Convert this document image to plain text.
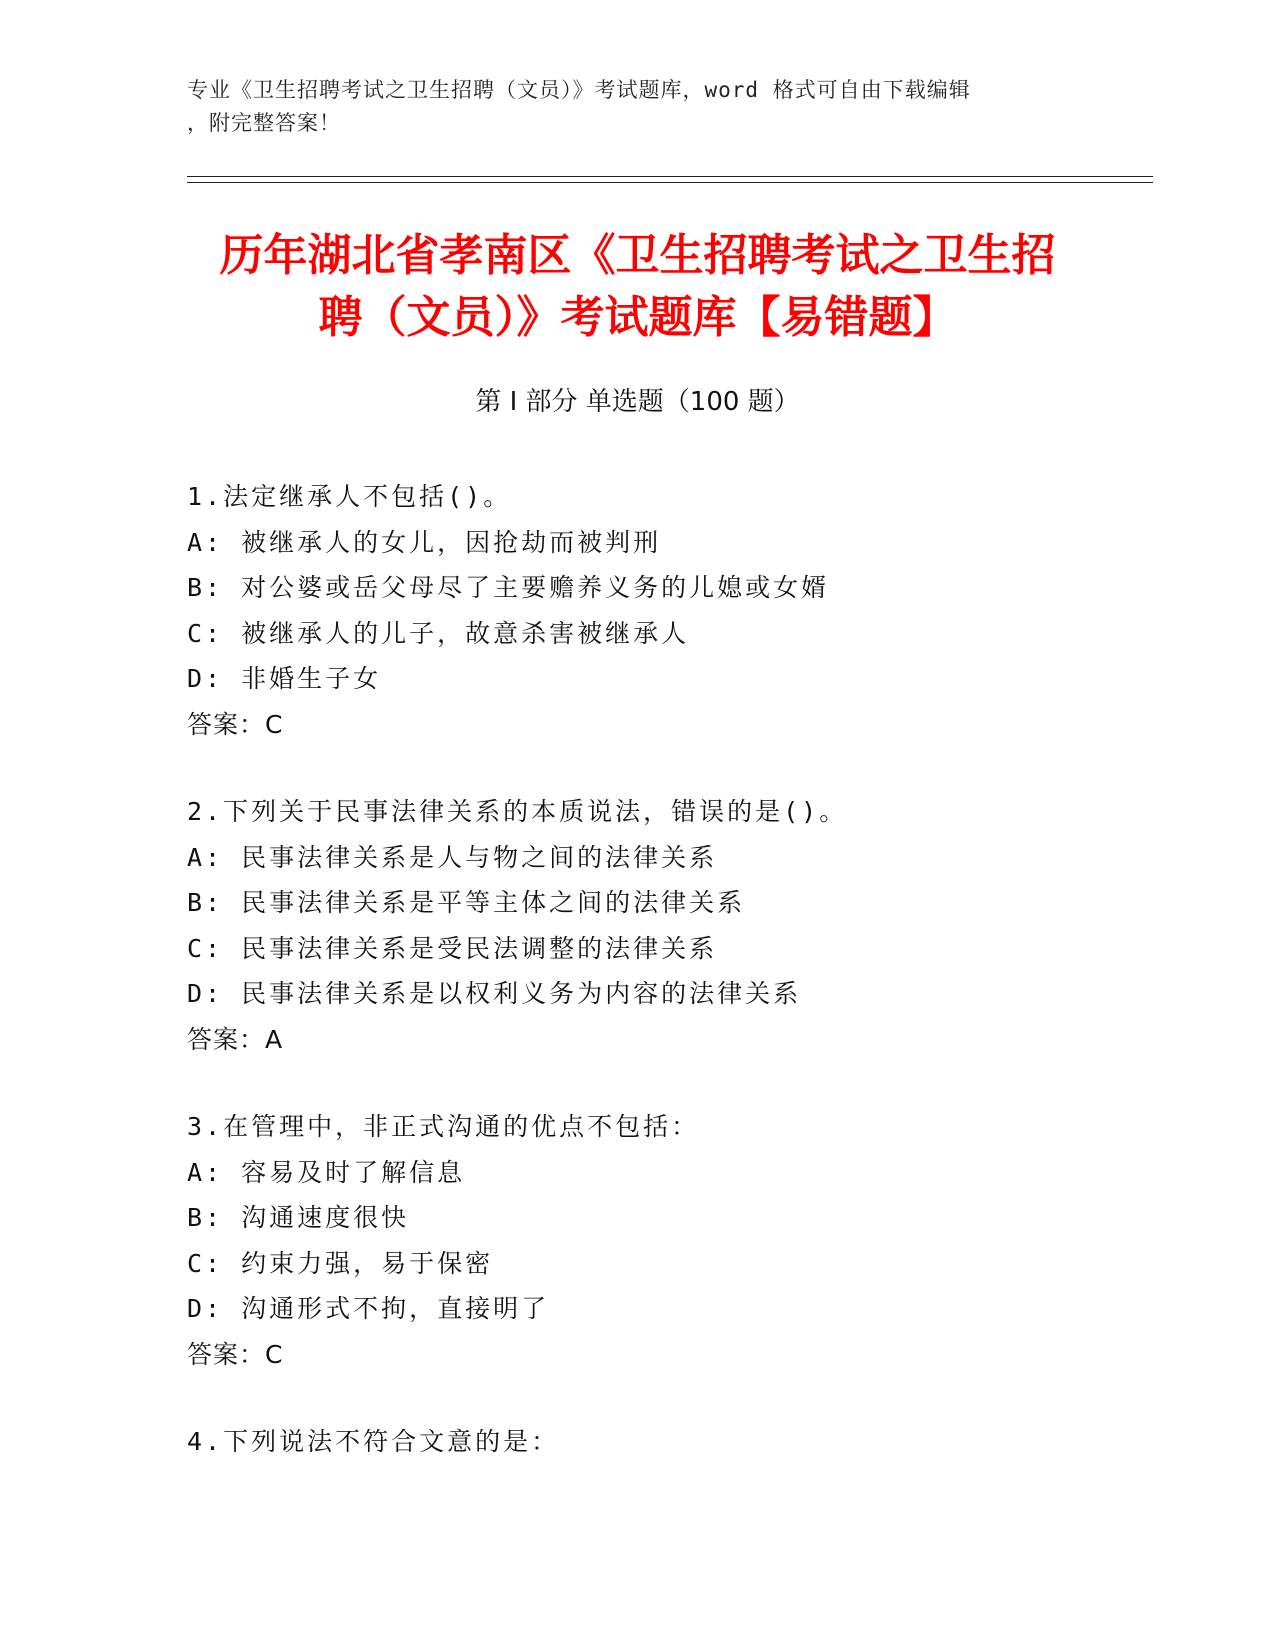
专业《卫生招聘考试之卫生招聘（文员）》考试题库，word 格式可自由下载编辑
，附完整答案！
历年湖北省孝南区《卫生招聘考试之卫生招
聘（文员）》考试题库【易错题】
第 I 部分 单选题（100 题）
1.法定继承人不包括()。
A: 被继承人的女儿，因抢劫而被判刑
B: 对公婆或岳父母尽了主要赡养义务的儿媳或女婿
C: 被继承人的儿子，故意杀害被继承人
D: 非婚生子女
答案：C
2.下列关于民事法律关系的本质说法，错误的是()。
A: 民事法律关系是人与物之间的法律关系
B: 民事法律关系是平等主体之间的法律关系
C: 民事法律关系是受民法调整的法律关系
D: 民事法律关系是以权利义务为内容的法律关系
答案：A
3.在管理中，非正式沟通的优点不包括：
A: 容易及时了解信息
B: 沟通速度很快
C: 约束力强，易于保密
D: 沟通形式不拘，直接明了
答案：C
4.下列说法不符合文意的是：
